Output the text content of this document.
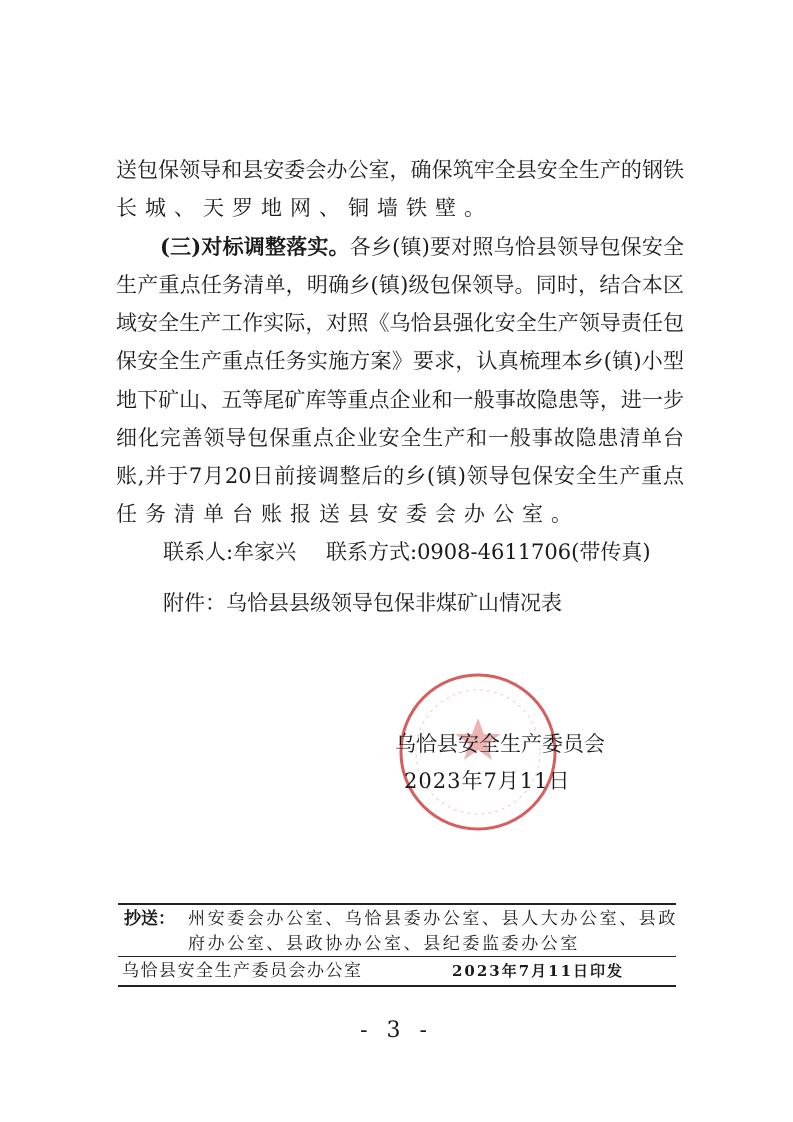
送包保领导和县安委会办公室，确保筑牢全县安全生产的钢铁
长城、天罗地网、铜墙铁壁。
(三)对标调整落实。各乡(镇)要对照乌恰县领导包保安全
生产重点任务清单，明确乡(镇)级包保领导。同时，结合本区
域安全生产工作实际，对照《乌恰县强化安全生产领导责任包
保安全生产重点任务实施方案》要求，认真梳理本乡(镇)小型
地下矿山、五等尾矿库等重点企业和一般事故隐患等，进一步
细化完善领导包保重点企业安全生产和一般事故隐患清单台
账,并于7月20日前接调整后的乡(镇)领导包保安全生产重点
任务清单台账报送县安委会办公室。
联系人:牟家兴 联系方式:0908-4611706(带传真)
附件：乌恰县县级领导包保非煤矿山情况表
乌恰县安全生产委员会
2023年7月11日
抄送： 州安委会办公室、乌恰县委办公室、县人大办公室、县政
府办公室、县政协办公室、县纪委监委办公室
乌恰县安全生产委员会办公室	2023年7月11日印发
- 3 -
